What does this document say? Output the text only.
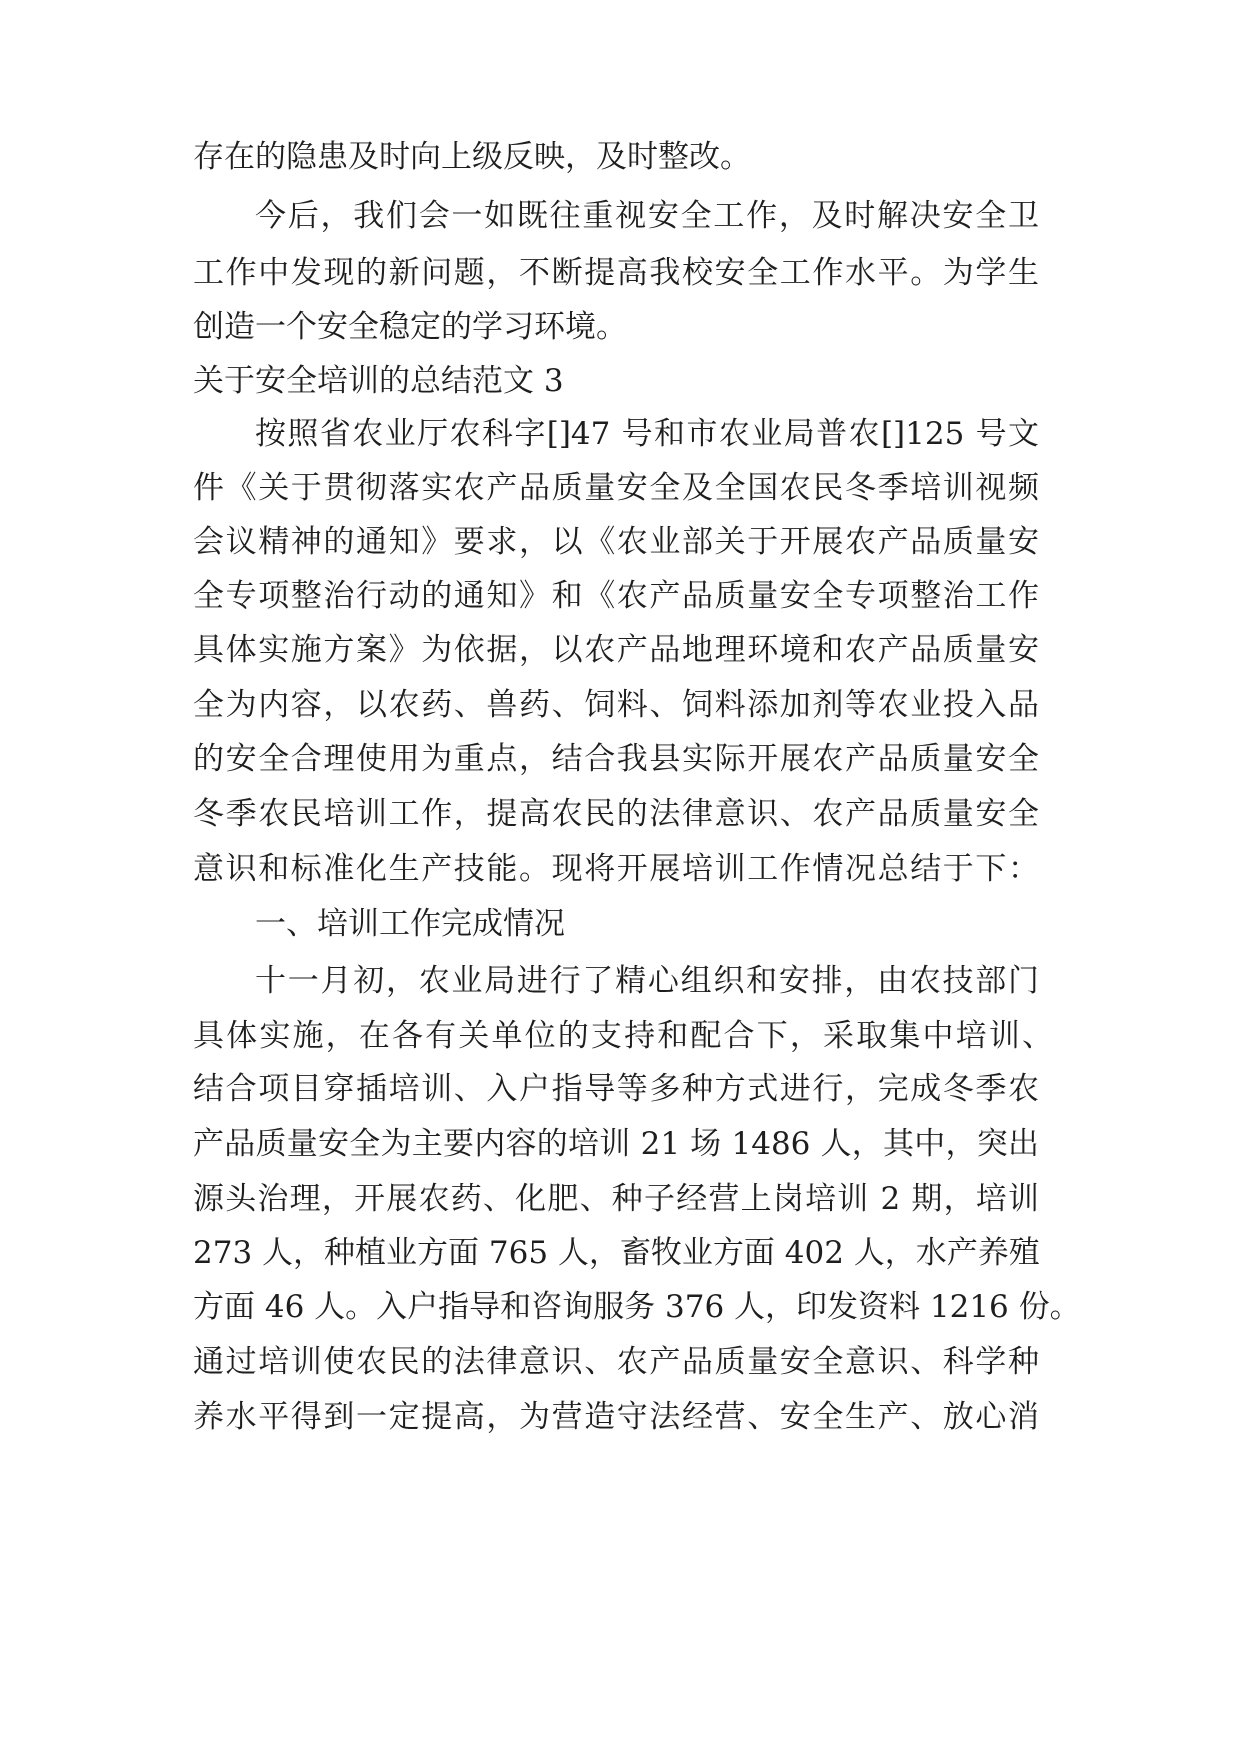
存在的隐患及时向上级反映，及时整改。
今后，我们会一如既往重视安全工作，及时解决安全卫
工作中发现的新问题，不断提高我校安全工作水平。为学生
创造一个安全稳定的学习环境。
关于安全培训的总结范文 3
按照省农业厅农科字[]47 号和市农业局普农[]125 号文
件《关于贯彻落实农产品质量安全及全国农民冬季培训视频
会议精神的通知》要求，以《农业部关于开展农产品质量安
全专项整治行动的通知》和《农产品质量安全专项整治工作
具体实施方案》为依据，以农产品地理环境和农产品质量安
全为内容，以农药、兽药、饲料、饲料添加剂等农业投入品
的安全合理使用为重点，结合我县实际开展农产品质量安全
冬季农民培训工作，提高农民的法律意识、农产品质量安全
意识和标准化生产技能。现将开展培训工作情况总结于下：
一、培训工作完成情况
十一月初，农业局进行了精心组织和安排，由农技部门
具体实施，在各有关单位的支持和配合下，采取集中培训、
结合项目穿插培训、入户指导等多种方式进行，完成冬季农
产品质量安全为主要内容的培训 21 场 1486 人，其中，突出
源头治理，开展农药、化肥、种子经营上岗培训 2 期，培训
273 人，种植业方面 765 人，畜牧业方面 402 人，水产养殖
方面 46 人。入户指导和咨询服务 376 人，印发资料 1216 份。
通过培训使农民的法律意识、农产品质量安全意识、科学种
养水平得到一定提高，为营造守法经营、安全生产、放心消
